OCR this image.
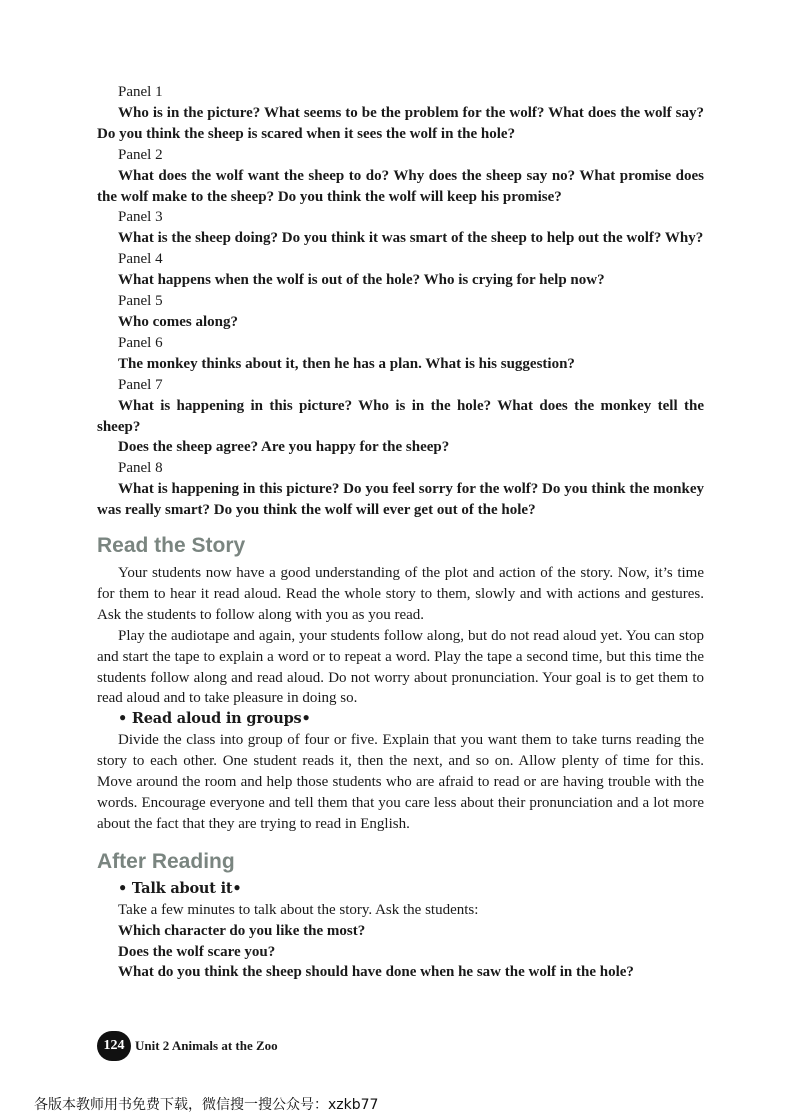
Panel 1

Who is in the picture? What seems to be the problem for the wolf? What does the wolf say? Do you think the sheep is scared when it sees the wolf in the hole?

Panel 2

What does the wolf want the sheep to do? Why does the sheep say no? What promise does the wolf make to the sheep? Do you think the wolf will keep his promise?

Panel 3

What is the sheep doing? Do you think it was smart of the sheep to help out the wolf? Why?

Panel 4

What happens when the wolf is out of the hole? Who is crying for help now?

Panel 5

Who comes along?

Panel 6

The monkey thinks about it, then he has a plan. What is his suggestion?

Panel 7

What is happening in this picture? Who is in the hole? What does the monkey tell the sheep?

Does the sheep agree? Are you happy for the sheep?

Panel 8

What is happening in this picture? Do you feel sorry for the wolf? Do you think the monkey was really smart? Do you think the wolf will ever get out of the hole?

Read the Story

Your students now have a good understanding of the plot and action of the story. Now, it’s time for them to hear it read aloud. Read the whole story to them, slowly and with actions and gestures. Ask the students to follow along with you as you read.

Play the audiotape and again, your students follow along, but do not read aloud yet. You can stop and start the tape to explain a word or to repeat a word. Play the tape a second time, but this time the students follow along and read aloud. Do not worry about pronunciation. Your goal is to get them to read aloud and to take pleasure in doing so.

• Read aloud in groups•

Divide the class into group of four or five. Explain that you want them to take turns reading the story to each other. One student reads it, then the next, and so on. Allow plenty of time for this. Move around the room and help those students who are afraid to read or are having trouble with the words. Encourage everyone and tell them that you care less about their pronunciation and a lot more about the fact that they are trying to read in English.

After Reading

• Talk about it•

Take a few minutes to talk about the story. Ask the students:

Which character do you like the most?

Does the wolf scare you?

What do you think the sheep should have done when he saw the wolf in the hole?

124 Unit 2 Animals at the Zoo
各版本教师用书免费下载，微信搜一搜公众号：xzkb77
